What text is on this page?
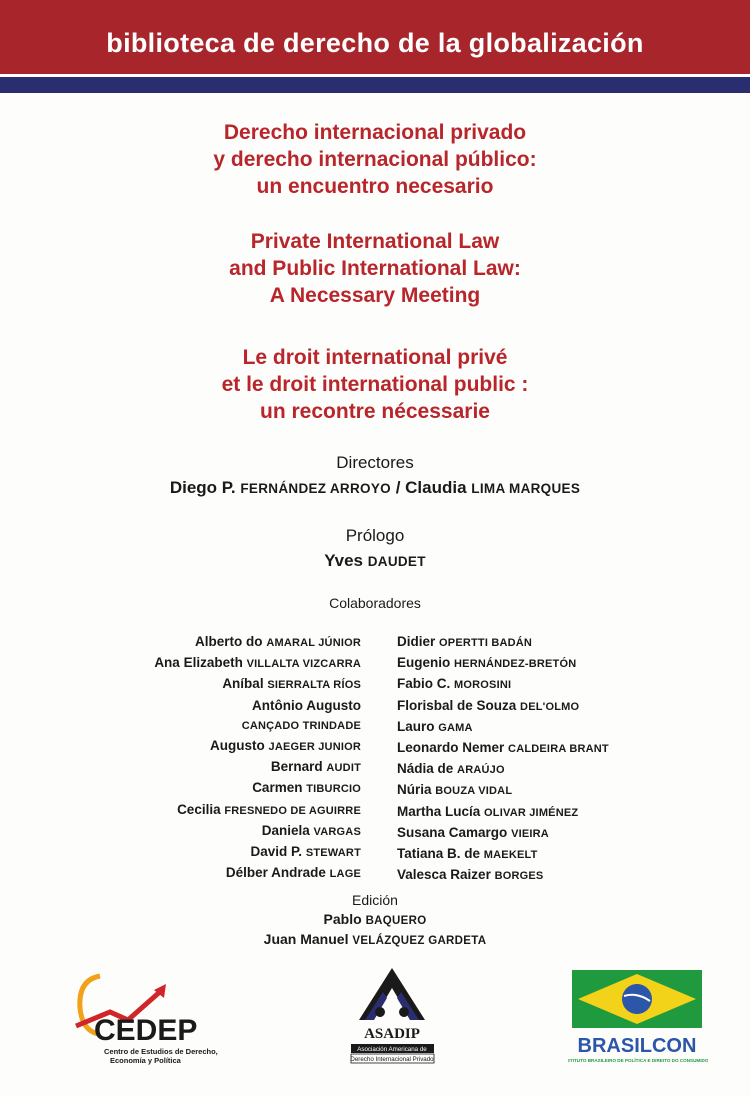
biblioteca de derecho de la globalización
Derecho internacional privado
y derecho internacional público:
un encuentro necesario
Private International Law
and Public International Law:
A Necessary Meeting
Le droit international privé
et le droit international public :
un recontre nécessarie
Directores
Diego P. FERNÁNDEZ ARROYO / Claudia LIMA MARQUES
Prólogo
Yves DAUDET
Colaboradores
Alberto do AMARAL JÚNIOR
Ana Elizabeth VILLALTA VIZCARRA
Aníbal SIERRALTA RÍOS
Antônio Augusto
CANÇADO TRINDADE
Augusto JAEGER JUNIOR
Bernard AUDIT
Carmen TIBURCIO
Cecilia FRESNEDO DE AGUIRRE
Daniela VARGAS
David P. STEWART
Délber Andrade LAGE
Didier OPERTTI BADÁN
Eugenio HERNÁNDEZ-BRETÓN
Fabio C. MOROSINI
Florisbal de Souza DEL'OLMO
Lauro GAMA
Leonardo Nemer CALDEIRA BRANT
Nádia de ARAÚJO
Núria BOUZA VIDAL
Martha Lucía OLIVAR JIMÉNEZ
Susana Camargo VIEIRA
Tatiana B. de MAEKELT
Valesca Raizer BORGES
Edición
Pablo BAQUERO
Juan Manuel VELÁZQUEZ GARDETA
CEDEP
Centro de Estudios de Derecho,
Economía y Política
ASADIP
Asociación Americana de
Derecho Internacional Privado
BRASILCON
INSTITUTO BRASILEIRO DE POLÍTICA E DIREITO DO CONSUMIDOR
